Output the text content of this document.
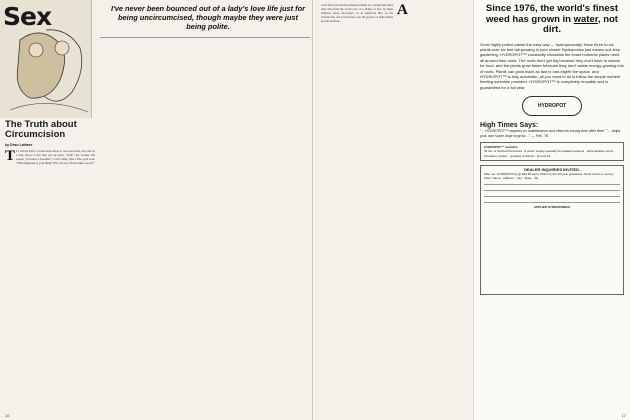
Sex	I've never been bounced out of a lady's love life just for being uncircumcised, though maybe they were just being polite.
The Truth about Circumcision
by Dean Latimer
T To tell the truth, I would never know it was even there, but once in a blue moon it will take you up short. "Ooh!" the woman will squeal, "you have a foreskin!" I can't claim, after a fine good look, "What happened to your thing? Who cut you off that takes care of?"
16
A lot more non-Jewish American males are circumcised these days than from the world over, as a matter of fact, by sheer numbers alone. Nowadays, as an American Has, on the bottom line, since in Europe over 90 percent of male babies are left unshorn.
A	Since 1976, the world's finest weed has grown in water, not dirt.
Grow highly potent plants the easy way — hydroponically! Have three to six plants over six feet tall growing in your closet! Hydroponics just means soil-less gardening. HYDROPOT™ constantly circulates the exact nutrients plants need all around their roots. The roots don't get big because they don't have to search for food, and the plants grow faster because they don't waste energy growing lots of roots. Plants can grow twice as fast in one-eighth the space, and HYDROPOT™ is fully automatic, all you need to do is follow the simple nutrient feeding schedule provided. HYDROPOT™ is completely reusable and is guaranteed for a full year.
HYDROPOT
High Times Says:
"... HYDROPOT™ requires no maintenance and offers its bounty time after time." "... helps your own super dope to grow ..." — Feb. '78
HYDROPOT™ contains:
30 lbs. of crushed Kona lava · 5 years' supply specially formulated nutrients · plant aeration pump · circulation system · growing container · pH test kit
DEALER INQUIRIES INVITED.
Ship me: HYDROPOT(s) @ $49.95 each. Order by the full year guarantee. Send check or money order. Name · Address · City · State · Zip
APPLIED HYDROPONICS
17
